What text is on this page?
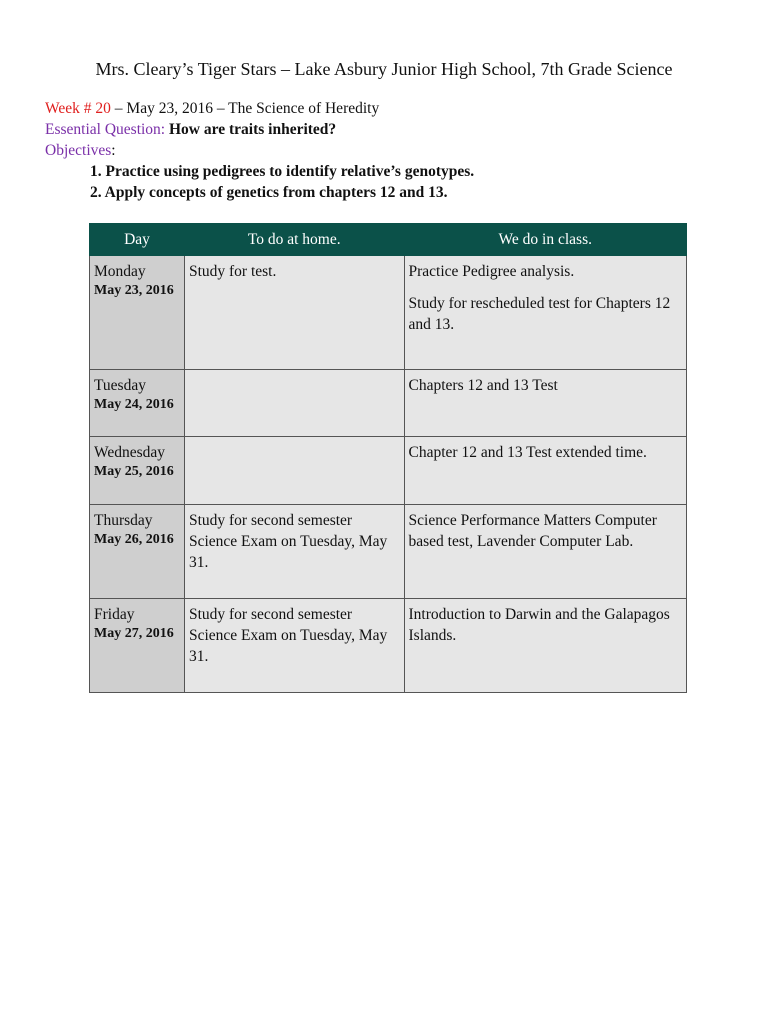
Mrs. Cleary’s Tiger Stars – Lake Asbury Junior High School, 7th Grade Science
Week # 20 – May 23, 2016 – The Science of Heredity
Essential Question: How are traits inherited?
Objectives:
1. Practice using pedigrees to identify relative’s genotypes.
2. Apply concepts of genetics from chapters 12 and 13.
Day	To do at home.	We do in class.

Monday
May 23, 2016	Study for test.	Practice Pedigree analysis.
Study for rescheduled test for Chapters 12 and 13.

Tuesday
May 24, 2016		Chapters 12 and 13 Test

Wednesday
May 25, 2016		Chapter 12 and 13 Test extended time.

Thursday
May 26, 2016	Study for second semester Science Exam on Tuesday, May 31.	Science Performance Matters Computer based test, Lavender Computer Lab.

Friday
May 27, 2016	Study for second semester Science Exam on Tuesday, May 31.	Introduction to Darwin and the Galapagos Islands.
